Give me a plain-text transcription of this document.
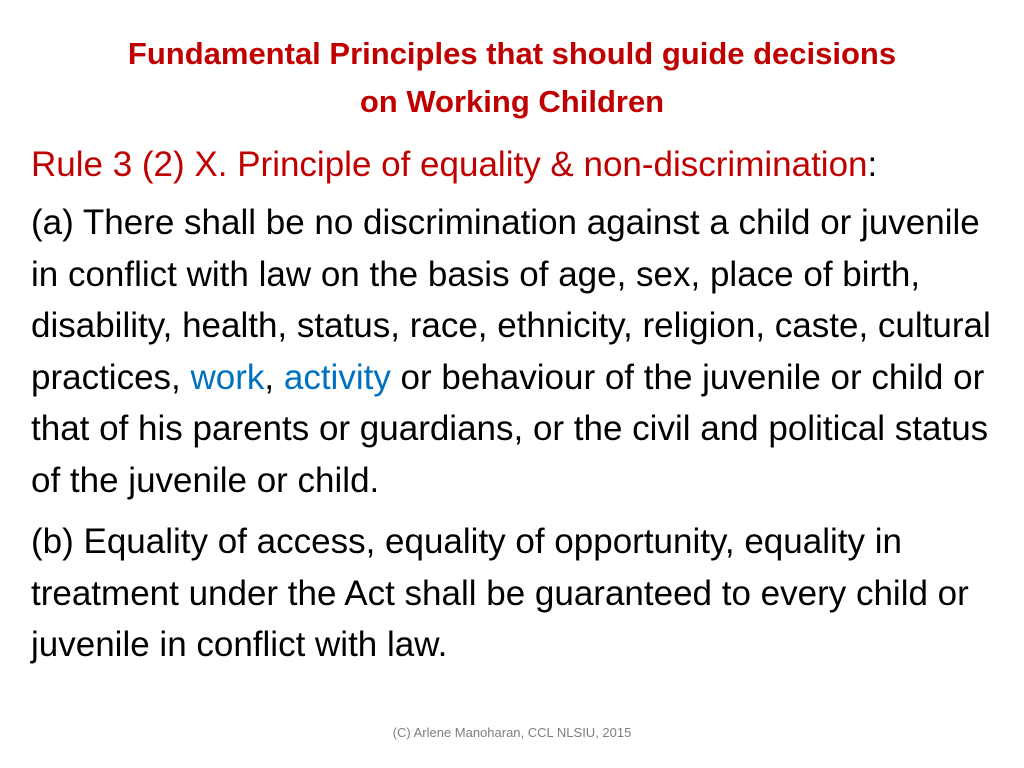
Fundamental Principles that should guide decisions
on Working Children

Rule 3 (2) X. Principle of equality & non-discrimination:

(a) There shall be no discrimination against a child or juvenile in conflict with law on the basis of age, sex, place of birth, disability, health, status, race, ethnicity, religion, caste, cultural practices, work, activity or behaviour of the juvenile or child or that of his parents or guardians, or the civil and political status of the juvenile or child.

(b) Equality of access, equality of opportunity, equality in treatment under the Act shall be guaranteed to every child or juvenile in conflict with law.

(C) Arlene Manoharan, CCL NLSIU, 2015
